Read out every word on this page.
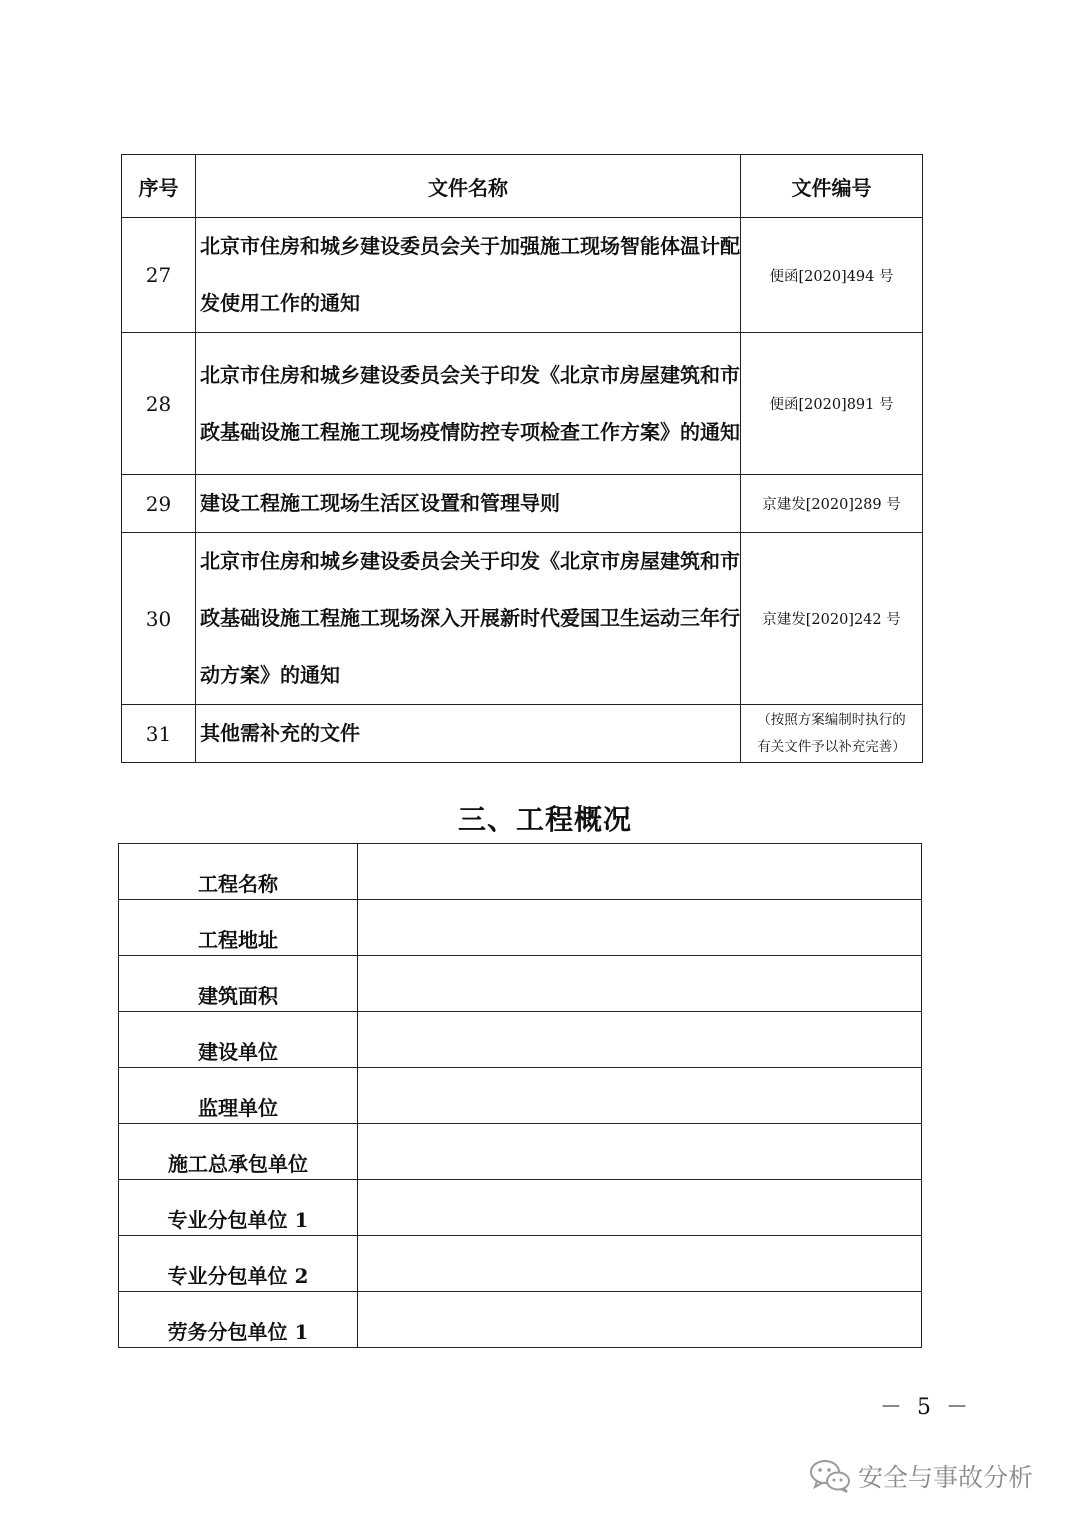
序号	文件名称	文件编号
27	北京市住房和城乡建设委员会关于加强施工现场智能体温计配发使用工作的通知	便函[2020]494 号
28	北京市住房和城乡建设委员会关于印发《北京市房屋建筑和市政基础设施工程施工现场疫情防控专项检查工作方案》的通知	便函[2020]891 号
29	建设工程施工现场生活区设置和管理导则	京建发[2020]289 号
30	北京市住房和城乡建设委员会关于印发《北京市房屋建筑和市政基础设施工程施工现场深入开展新时代爱国卫生运动三年行动方案》的通知	京建发[2020]242 号
31	其他需补充的文件	（按照方案编制时执行的
有关文件予以补充完善）
三、工程概况
工程名称	
工程地址	
建筑面积	
建设单位	
监理单位	
施工总承包单位	
专业分包单位 1	
专业分包单位 2	
劳务分包单位 1	
－ 5 －
安全与事故分析
